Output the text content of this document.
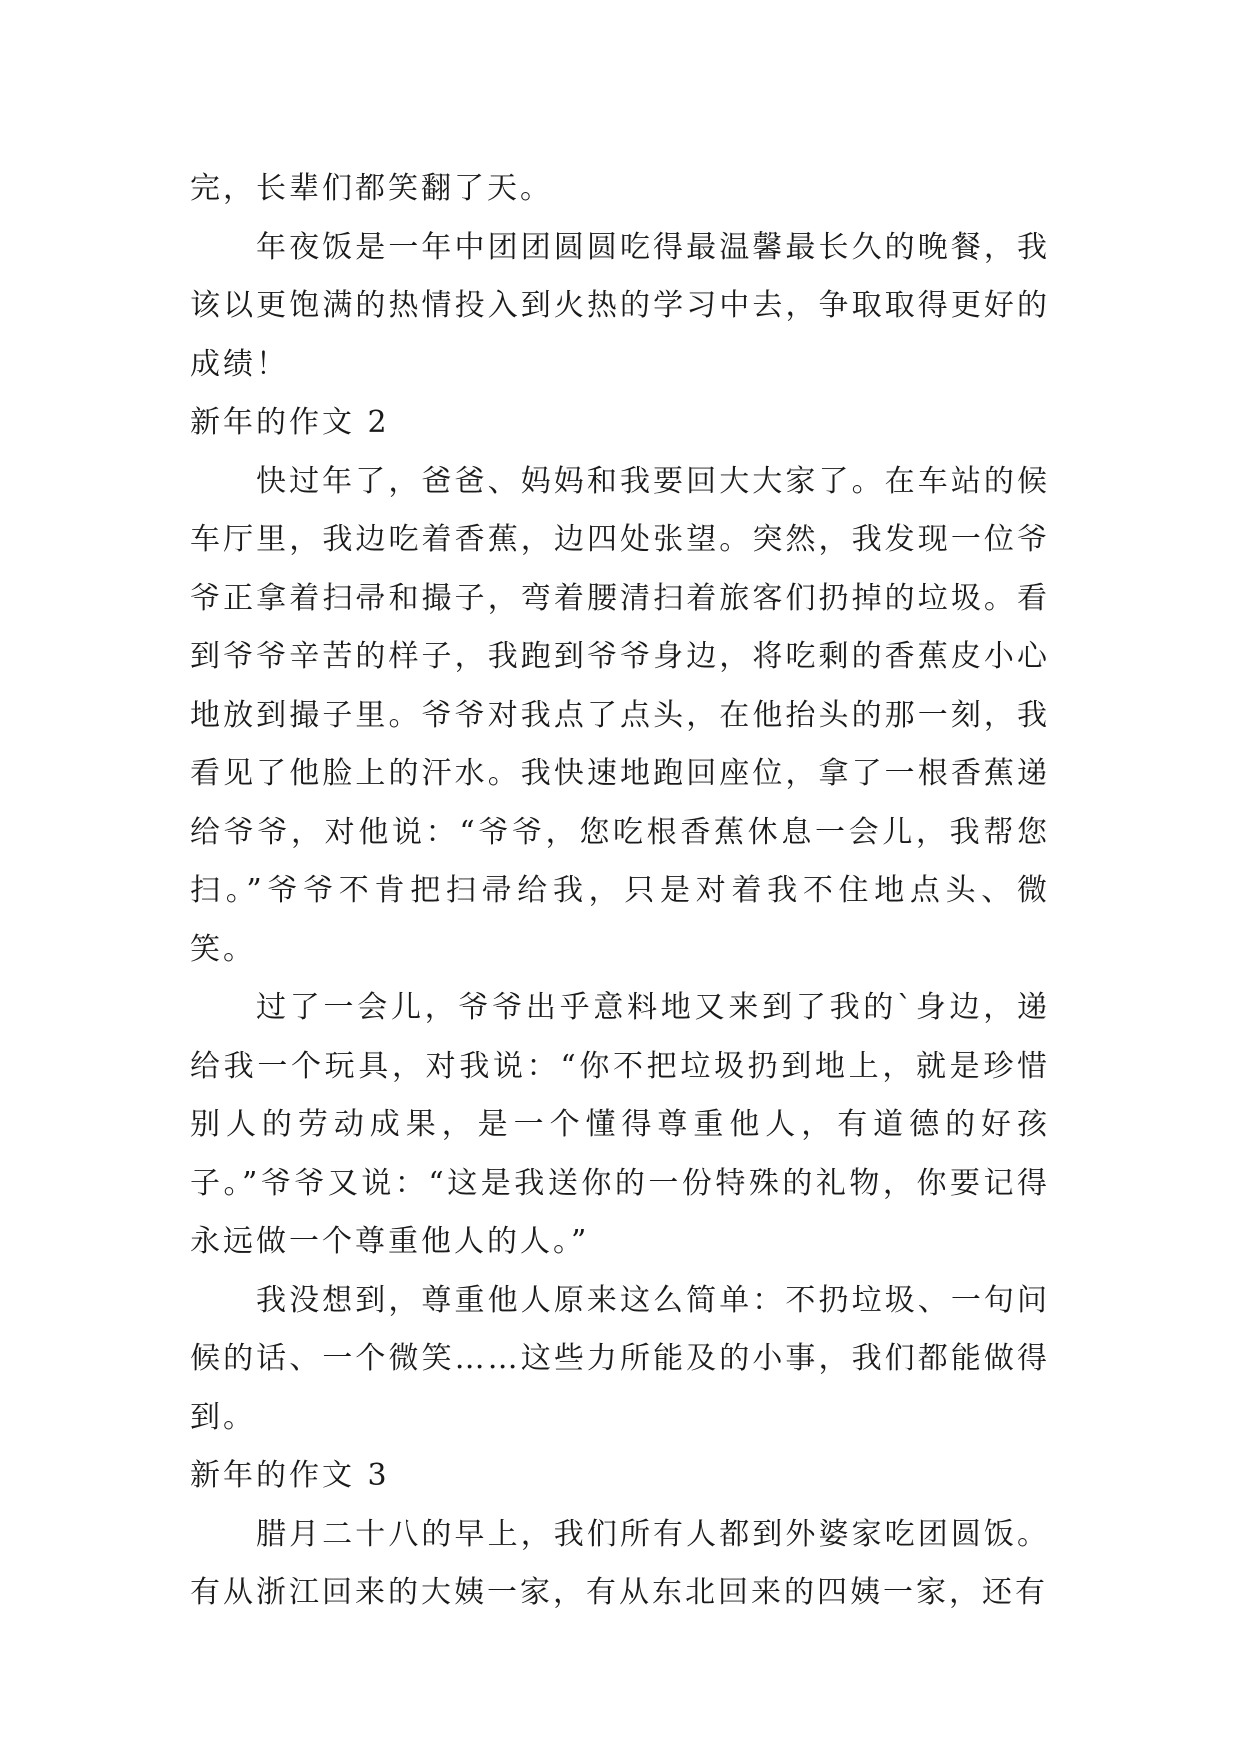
完，长辈们都笑翻了天。

年夜饭是一年中团团圆圆吃得最温馨最长久的晚餐，我该以更饱满的热情投入到火热的学习中去，争取取得更好的成绩！

新年的作文 2

快过年了，爸爸、妈妈和我要回大大家了。在车站的候车厅里，我边吃着香蕉，边四处张望。突然，我发现一位爷爷正拿着扫帚和撮子，弯着腰清扫着旅客们扔掉的垃圾。看到爷爷辛苦的样子，我跑到爷爷身边，将吃剩的香蕉皮小心地放到撮子里。爷爷对我点了点头，在他抬头的那一刻，我看见了他脸上的汗水。我快速地跑回座位，拿了一根香蕉递给爷爷，对他说：“爷爷，您吃根香蕉休息一会儿，我帮您扫。”爷爷不肯把扫帚给我，只是对着我不住地点头、微笑。

过了一会儿，爷爷出乎意料地又来到了我的`身边，递给我一个玩具，对我说：“你不把垃圾扔到地上，就是珍惜别人的劳动成果，是一个懂得尊重他人，有道德的好孩子。”爷爷又说：“这是我送你的一份特殊的礼物，你要记得永远做一个尊重他人的人。”

我没想到，尊重他人原来这么简单：不扔垃圾、一句问候的话、一个微笑……这些力所能及的小事，我们都能做得到。

新年的作文 3

腊月二十八的早上，我们所有人都到外婆家吃团圆饭。有从浙江回来的大姨一家，有从东北回来的四姨一家，还有
